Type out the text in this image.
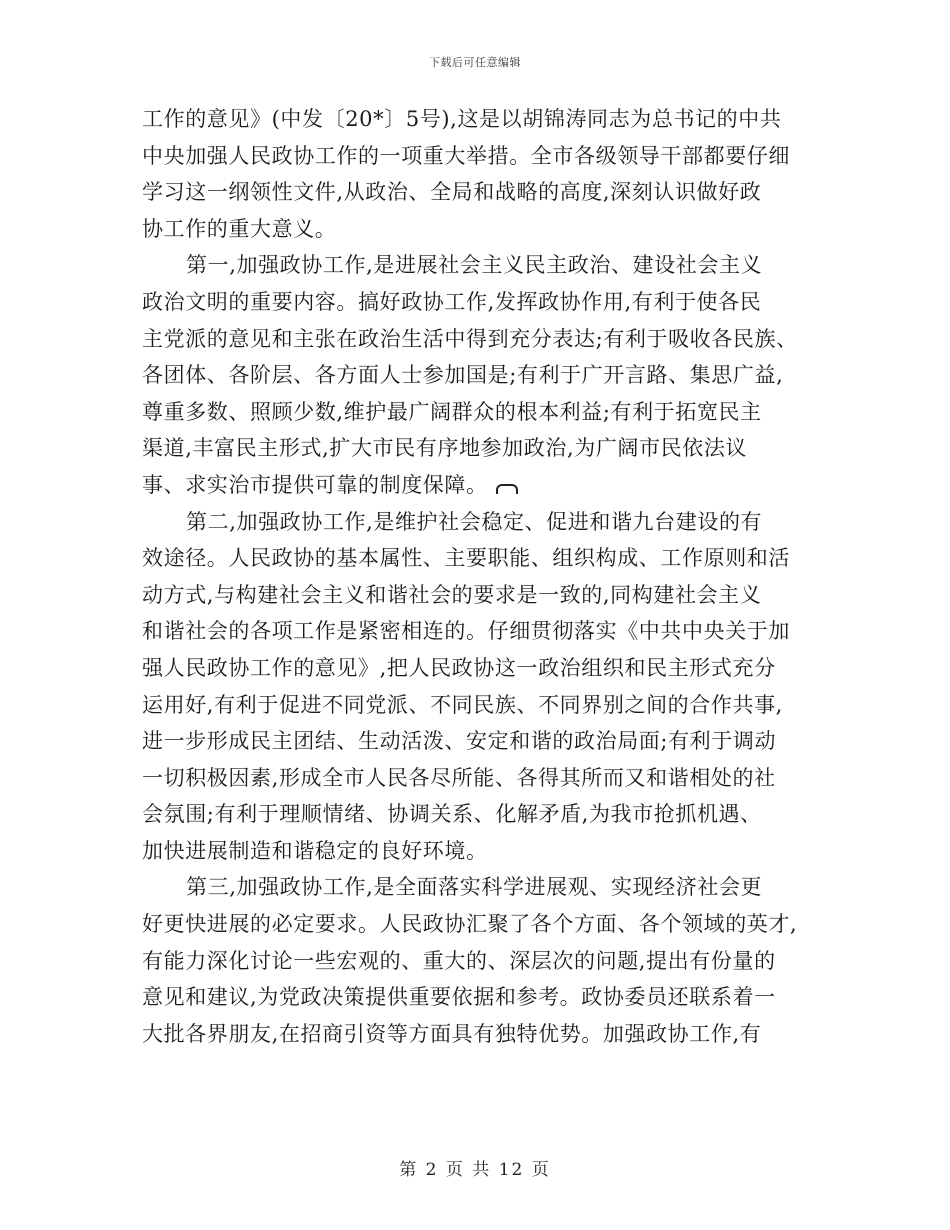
下载后可任意编辑
工作的意见》(中发〔20*〕5号),这是以胡锦涛同志为总书记的中共
中央加强人民政协工作的一项重大举措。全市各级领导干部都要仔细
学习这一纲领性文件,从政治、全局和战略的高度,深刻认识做好政
协工作的重大意义。
第一,加强政协工作,是进展社会主义民主政治、建设社会主义
政治文明的重要内容。搞好政协工作,发挥政协作用,有利于使各民
主党派的意见和主张在政治生活中得到充分表达;有利于吸收各民族、
各团体、各阶层、各方面人士参加国是;有利于广开言路、集思广益,
尊重多数、照顾少数,维护最广阔群众的根本利益;有利于拓宽民主
渠道,丰富民主形式,扩大市民有序地参加政治,为广阔市民依法议
事、求实治市提供可靠的制度保障。
第二,加强政协工作,是维护社会稳定、促进和谐九台建设的有
效途径。人民政协的基本属性、主要职能、组织构成、工作原则和活
动方式,与构建社会主义和谐社会的要求是一致的,同构建社会主义
和谐社会的各项工作是紧密相连的。仔细贯彻落实《中共中央关于加
强人民政协工作的意见》,把人民政协这一政治组织和民主形式充分
运用好,有利于促进不同党派、不同民族、不同界别之间的合作共事,
进一步形成民主团结、生动活泼、安定和谐的政治局面;有利于调动
一切积极因素,形成全市人民各尽所能、各得其所而又和谐相处的社
会氛围;有利于理顺情绪、协调关系、化解矛盾,为我市抢抓机遇、
加快进展制造和谐稳定的良好环境。
第三,加强政协工作,是全面落实科学进展观、实现经济社会更
好更快进展的必定要求。人民政协汇聚了各个方面、各个领域的英才,
有能力深化讨论一些宏观的、重大的、深层次的问题,提出有份量的
意见和建议,为党政决策提供重要依据和参考。政协委员还联系着一
大批各界朋友,在招商引资等方面具有独特优势。加强政协工作,有
第 2 页 共 12 页
